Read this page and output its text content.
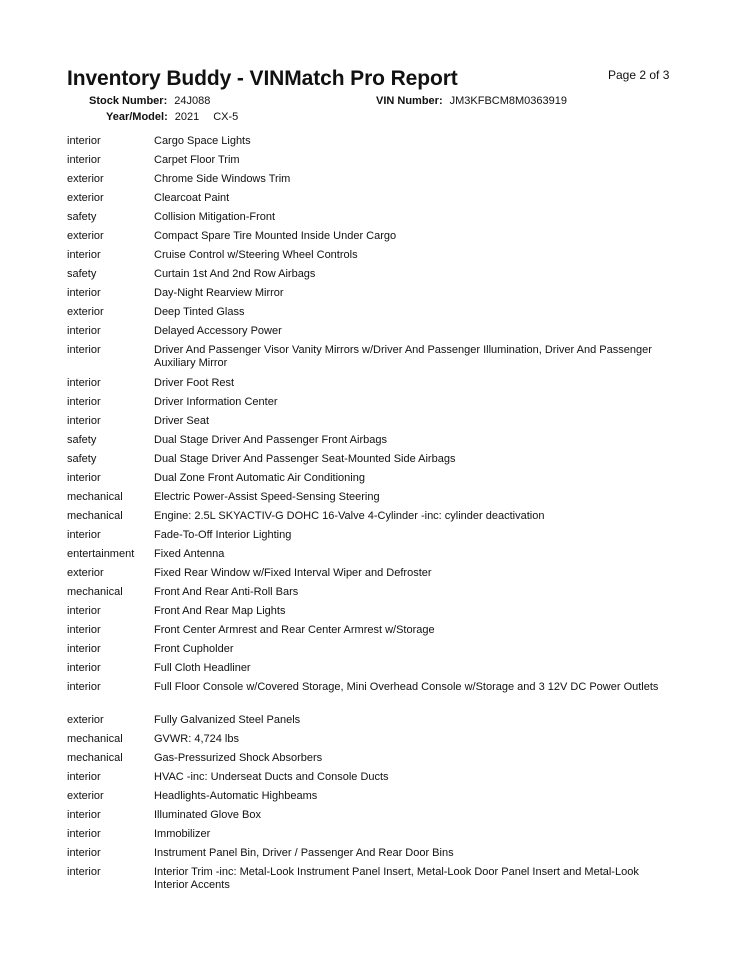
Inventory Buddy - VINMatch Pro Report	Page 2 of 3
Stock Number: 24J088	VIN Number: JM3KFBCM8M0363919
Year/Model: 2021 CX-5
interior	Cargo Space Lights
interior	Carpet Floor Trim
exterior	Chrome Side Windows Trim
exterior	Clearcoat Paint
safety	Collision Mitigation-Front
exterior	Compact Spare Tire Mounted Inside Under Cargo
interior	Cruise Control w/Steering Wheel Controls
safety	Curtain 1st And 2nd Row Airbags
interior	Day-Night Rearview Mirror
exterior	Deep Tinted Glass
interior	Delayed Accessory Power
interior	Driver And Passenger Visor Vanity Mirrors w/Driver And Passenger Illumination, Driver And Passenger Auxiliary Mirror
interior	Driver Foot Rest
interior	Driver Information Center
interior	Driver Seat
safety	Dual Stage Driver And Passenger Front Airbags
safety	Dual Stage Driver And Passenger Seat-Mounted Side Airbags
interior	Dual Zone Front Automatic Air Conditioning
mechanical	Electric Power-Assist Speed-Sensing Steering
mechanical	Engine: 2.5L SKYACTIV-G DOHC 16-Valve 4-Cylinder -inc: cylinder deactivation
interior	Fade-To-Off Interior Lighting
entertainment	Fixed Antenna
exterior	Fixed Rear Window w/Fixed Interval Wiper and Defroster
mechanical	Front And Rear Anti-Roll Bars
interior	Front And Rear Map Lights
interior	Front Center Armrest and Rear Center Armrest w/Storage
interior	Front Cupholder
interior	Full Cloth Headliner
interior	Full Floor Console w/Covered Storage, Mini Overhead Console w/Storage and 3 12V DC Power Outlets
exterior	Fully Galvanized Steel Panels
mechanical	GVWR: 4,724 lbs
mechanical	Gas-Pressurized Shock Absorbers
interior	HVAC -inc: Underseat Ducts and Console Ducts
exterior	Headlights-Automatic Highbeams
interior	Illuminated Glove Box
interior	Immobilizer
interior	Instrument Panel Bin, Driver / Passenger And Rear Door Bins
interior	Interior Trim -inc: Metal-Look Instrument Panel Insert, Metal-Look Door Panel Insert and Metal-Look Interior Accents
